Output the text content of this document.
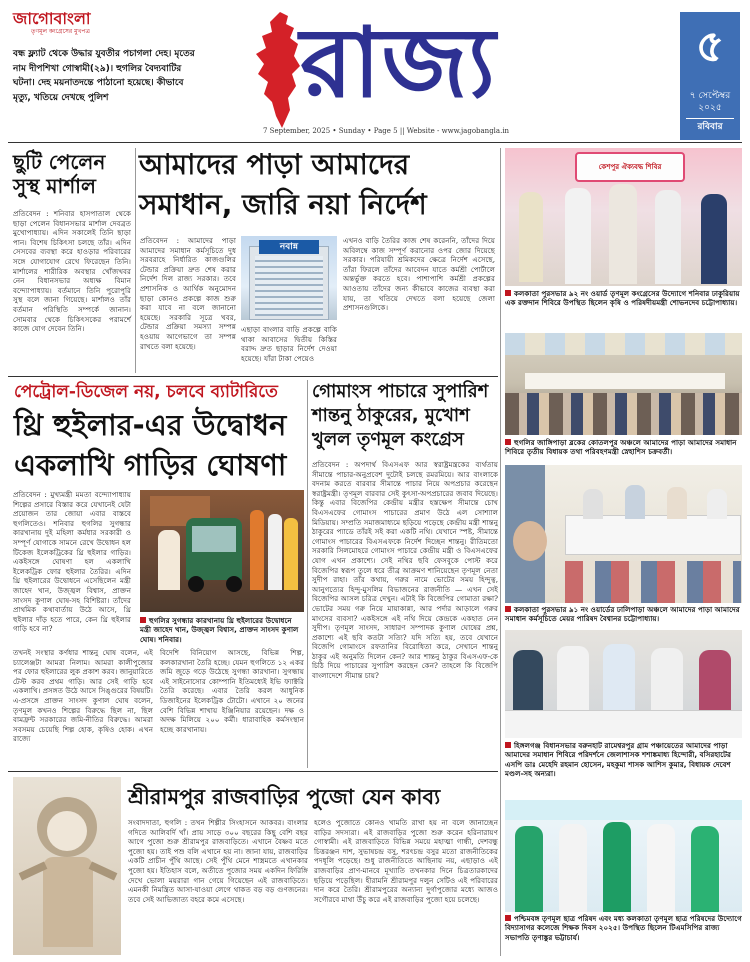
জাগোবাংলা
তৃণমূল কংগ্রেসের মুখপত্র
বন্ধ ফ্ল্যাট থেকে উদ্ধার যুবতীর পচাগলা দেহ। মৃতের নাম দীপশিখা গোস্বামী(২৯)। হুগলির বৈদ্যবাটির ঘটনা। দেহ ময়নাতদন্তে পাঠানো হয়েছে। কীভাবে মৃত্যু, খতিয়ে দেখছে পুলিশ	রাজ্য
7 September, 2025 • Sunday • Page 5 || Website - www.jagobangla.in
৫
৭ সেপ্টেম্বর
২০২৫
রবিবার
ছুটি পেলেন সুস্থ মার্শাল
প্রতিবেদন : শনিবার হাসপাতাল থেকে ছাড়া পেলেন বিধানসভার মার্শাল দেবব্রত মুখোপাধ্যায়। এদিন সকালেই তিনি ছাড়া পান। বিশেষ চিকিৎসা চলছে তাঁর। এদিন সেসবের ব্যবস্থা করে হাওড়ার পরিবারের সঙ্গে যোগাযোগ রেখে ফিরেছেন তিনি। মার্শালের শারীরিক অবস্থার খোঁজখবর নেন বিধানসভার অধ্যক্ষ বিমান বন্দ্যোপাধ্যায়। বর্তমানে তিনি পুরোপুরি সুস্থ বলে জানা গিয়েছে। মার্শালও তাঁর বর্তমান পরিস্থিতি সম্পর্কে জানান। সোমবার থেকে চিকিৎসকের পরামর্শে কাজে যোগ দেবেন তিনি।
আমাদের পাড়া আমাদের
সমাধান, জারি নয়া নির্দেশ
প্রতিবেদন : আমাদের পাড়া আমাদের সমাধান কর্মসূচিতে দুধ সরবরাহে নির্ধারিত কাজগুলির টেন্ডার প্রক্রিয়া দ্রুত শেষ করার নির্দেশ দিল রাজ্য সরকার। তবে প্রশাসনিক ও আর্থিক অনুমোদন ছাড়া কোনও প্রকল্পে কাজ শুরু করা যাবে না বলে জানানো হয়েছে। সরকারি সূত্রে খবর, টেন্ডার প্রক্রিয়া সমস্যা সম্পন্ন হওয়ায় আগেভাগে তা সম্পন্ন রাখতে বলা হয়েছে।
নবান্ন
এছাড়া বাংলার বাড়ি প্রকল্পে বাকি থাকা আবাসের দ্বিতীয় কিস্তির বরাদ্দ দ্রুত ছাড়ার নির্দেশ দেওয়া হয়েছে। যাঁরা টাকা পেয়েও
এখনও বাড়ি তৈরির কাজ শেষ করেননি, তাঁদের দিয়ে অবিলম্বে কাজ সম্পূর্ণ করানোর ওপর জোর দিয়েছে সরকার। পরিযায়ী শ্রমিকদের ক্ষেত্রে নির্দেশ এসেছে, তাঁরা ফিরলে তাঁদের আবেদন যাতে কর্মশ্রী পোর্টালে অন্তর্ভুক্ত করতে হবে। পাশাপাশি কর্মশ্রী প্রকল্পের আওতায় তাঁদের জন্য কীভাবে কাজের ব্যবস্থা করা যায়, তা খতিয়ে দেখতে বলা হয়েছে জেলা প্রশাসনগুলিকে।
পেট্রোল-ডিজেল নয়, চলবে ব্যাটারিতে
থ্রি হুইলার-এর উদ্বোধন
একলাখি গাড়ির ঘোষণা
প্রতিবেদন : মুখ্যমন্ত্রী মমতা বন্দ্যোপাধ্যায় শিল্পের প্রসারে বিস্তার করে যেখানেই যেটা প্রয়োজন তার জোয়া এবার বাস্তবে হুগলিতেও। শনিবার হুগলির সুগন্ধার কারখানায় দুই মহিলা কর্মধার সরকারী ও সম্পূর্ণ যোগাকে সামনে রেখে উদ্বোধন হল টিকেজ ইলেকট্রিকের থ্রি হুইলার গাড়ির। একইসঙ্গে ঘোষণা হল একলাখি ইলেকট্রিক ফোর হুইলার তৈরির। এদিন থ্রি হুইলারের উদ্বোধনে এসেছিলেন মন্ত্রী জাহেদ খান, উজ্জ্বল বিশ্বাস, প্রাক্তন সাংসদ কুণাল ঘোষ-সহ বিশিষ্টরা। তাঁদের প্রাথমিক কথাবার্তায় উঠে আসে, থ্রি হুইলার দাঁড় হতে পারে, কেন থ্রি হুইলার গাড়ি হবে না?
হুগলির সুগন্ধার কারখানায় থ্রি হুইলারের উদ্বোধনে মন্ত্রী জাহেদ খান, উজ্জ্বল বিশ্বাস, প্রাক্তন সাংসদ কুণাল ঘোষ। শনিবার।
তখনই সংস্থার কর্ণধার শান্তনু ঘোষ বলেন, এই চ্যালেঞ্জটা আমরা নিলাম। আমরা কালীপুজোর পর ফোর হুইলারের লুক প্রকাশ করব। জানুয়ারিতে টেস্ট করব প্রথম গাড়ি। আর সেই গাড়ি হবে একলাখি। প্রসঙ্গত উঠে আসে সিঙ্গুরের বিষয়টি। এ-প্রসঙ্গে প্রাক্তন সাংসদ কুণাল ঘোষ বলেন, তৃণমূল কখনও শিল্পের বিরুদ্ধে ছিল না, ছিল বামফ্রন্ট সরকারের জমি-নীতির বিরুদ্ধে। আমরা সবসময় চেয়েছি শিল্প হোক, কৃষিও হোক। এখন রাজ্যে
বিদেশি বিনিয়োগ আসছে, বিভিন্ন শিল্প, কলকারখানা তৈরি হচ্ছে। যেমন হুগলিতে ১২ একর জমি জুড়ে গড়ে উঠেছে সুগন্ধা কারখানা। সুগন্ধায় এই সাইনোসোর কোম্পানি ইতিমধ্যেই ইভি ফ্যাক্টরি তৈরি করেছে। এবার তৈরি করল আধুনিক ডিজাইনের ইলেকট্রিক টোটো। এখানে ২০ জনের বেশি বিভিন্ন শাখায় ইঞ্জিনিয়ার রয়েছেন। দক্ষ ও অদক্ষ মিলিয়ে ২০০ কর্মী। ধারাবাহিক কর্মসংস্থান হচ্ছে কারখানায়।
গোমাংস পাচারে সুপারিশ
শান্তনু ঠাকুরের, মুখোশ
খুলল তৃণমূল কংগ্রেস
প্রতিবেদন : অপদার্থ বিএসএফ আর স্বরাষ্ট্রমন্ত্রকের ব্যর্থতায় সীমান্তে পাচার-অনুপ্রবেশ দুটোই চলছে রমরমিয়ে। আর বাংলাকে বদনাম করতে বারবার সীমান্তে পাচার নিয়ে অপপ্রচার করেছেন স্বরাষ্ট্রমন্ত্রী। তৃণমূল বারবার সেই কুৎসা-অপপ্রচারের জবাব দিয়েছে। কিন্তু এবার বিজেপির কেন্দ্রীয় মন্ত্রীর হস্তক্ষেপ সীমান্তে চোখ বিএসএফের গোমাংস পাচারের প্রমাণ উঠে এল সোশ্যাল মিডিয়ায়। সম্প্রতি সমাজমাধ্যমে ছড়িয়ে পড়েছে কেন্দ্রীয় মন্ত্রী শান্তনু ঠাকুরের প্যাডে তাঁরই সই করা একটি নথি। যেখানে স্পষ্ট, সীমান্তে গোমাংস পাচারের বিএসএফকে নির্দেশ দিচ্ছেন শান্তনু। রীতিমতো সরকারি সিলমোহরে গোমাংস পাচারে কেন্দ্রীয় মন্ত্রী ও বিএসএফের যোগ এখন প্রকাশ্যে। সেই নথির ছবি ফেসবুকে পোস্ট করে বিজেপির স্বরূপ তুলে ধরে তীব্র আক্রমণ শানিয়েছেন তৃণমূল নেতা সুদীপ রাহা। তাঁর কথায়, গরুর নামে ভোটের সময় হিন্দুত্ব, আনুগত্যের হিন্দু-মুসলিম বিভাজনের রাজনীতি — এখন সেই বিজেপির আসল চরিত্র দেখুন। এটাই কি বিজেপির গোমাতা রক্ষা? ভোটের সময় গরু নিয়ে মায়াকান্না, আর পর্দার আড়ালে গরুর মাংসের ব্যবসা? একইসঙ্গে এই নথি দিয়ে কেন্দ্রকে একহাত নেন সুদীপ। তৃণমূল সাংসদ, সাধারণ সম্পাদক কুণাল ঘোষের প্রশ্ন, প্রকাশ্যে এই ছবি কতটা সত্যি? যদি সত্যি হয়, তবে যেখানে বিজেপি গোমাংসে রফতানির বিরোধিতা করে, সেখানে শান্তনু ঠাকুর এই অনুমতি দিলেন কেন? আর শান্তনু ঠাকুর বিএসএফ-কে চিঠি দিয়ে পাচারের সুপারিশ করছেন কেন? তাহলে কি বিজেপি বাংলাদেশে সীমান্ত চায়?
শ্রীরামপুর রাজবাড়ির পুজো যেন কাব্য
সংবাদদাতা, হুগলি : তখন শিল্পীর সিংহাসনে আকবর। বাংলার গদিতে আলিবর্দি খাঁ। প্রায় সাড়ে ৩০০ বছরের কিছু বেশি বছর আগে পুজো শুরু শ্রীরামপুর রাজবাড়িতে। এখানে বৈষ্ণব মতে পুজো হয়। তাই পশু বলি এখানে হয় না। জানা যায়, রাজবাড়ির একটি প্রাচীন পুঁথি আছে। সেই পুঁথি মেনে শাস্ত্রমতে এখানকার পুজো হয়। ইতিহাস বলে, অতীতে পুজোর সময় একদিন ফিরিঙ্গি দেখে ভোলা ময়রারা গান গেয়ে গিয়েছেন এই রাজবাড়িতে। এমনকী নিমন্ত্রিত আসা-যাওয়া লেগে থাকত বড় বড় গুণজনের। তবে সেই আভিজাত্য বহরে কমে এসেছে।
হলেও পুজোতে কোনও খামতি রাখা হয় না বলে জানাচ্ছেন বাড়ির সদস্যরা। এই রাজবাড়ির পুজো শুরু করেন হরিনারায়ণ গোস্বামী। এই রাজবাড়িতে বিভিন্ন সময়ে মহাত্মা গান্ধী, দেশবন্ধু চিত্তরঞ্জন দাশ, সুভাষচন্দ্র বসু, শরৎচন্দ্র বসুর মতো রাজনীতিকের পদধূলি পড়েছে। শুধু রাজনীতিতে আছিনায় নয়, এছাড়াও এই রাজবাড়ির প্রাণ-মানবে মূখ্যাতি তখনকার দিনে চিত্রতারকাদের ছড়িয়ে পড়েছিল। হীরামনি শ্রীরামপুর দলুন সেটিও এই পরিবারের দান করে তৈরি। শ্রীরামপুরের অন্যান্য দুর্গাপুজোর মধ্যে আজও সগৌরবে মাথা উঁচু করে এই রাজবাড়ির পুজো হয়ে চলেছে।
কেশপুর ঐক্যবদ্ধ শিবির
কলকাতা পুরসভার ৯২ নং ওয়ার্ড তৃণমূল কংগ্রেসের উদ্যোগে শনিবার ঢাকুরিয়ায় এক রক্তদান শিবিরে উপস্থিত ছিলেন কৃষি ও পরিষদীয়মন্ত্রী শোভনদেব চট্টোপাধ্যায়।
হুগলির জাঙ্গিপাড়া ব্লকের কোতলপুর অঞ্চলে আমাদের পাড়া আমাদের সমাধান শিবিরে তৃতীয় বিধায়ক তথা পরিবহণমন্ত্রী স্নেহাশিস চক্রবর্তী।
কলকাতা পুরসভার ৯১ নং ওয়ার্ডের ঢালিপাড়া অঞ্চলে আমাদের পাড়া আমাদের সমাধান কর্মসূচিতে মেয়র পারিষদ বৈশ্বানর চট্টোপাধ্যায়।
হিঙ্গলগঞ্জ বিধানসভার বরুনহাট রামেশ্বরপুর গ্রাম পঞ্চায়েতের আমাদের পাড়া আমাদের সমাধান শিবিরে পরিদর্শনে জেলাশাসক শশাঙ্কমাধ্য হিন্দোরী, বসিরহাটের এসপি ডাঃ মেহেদি রহমান হোসেন, মহকুমা শাসক আশিস কুমার, বিধায়ক দেবেশ মণ্ডল-সহ অন্যরা।
পশ্চিমবঙ্গ তৃণমূল ছাত্র পরিষদ এবং মধ্য কলকাতা তৃণমূল ছাত্র পরিষদের উদ্যোগে বিদ্যাসাগর কলেজে শিক্ষক দিবস ২০২৫। উপস্থিত ছিলেন টিএমসিপির রাজ্য সভাপতি তৃণাঙ্কুর ভট্টাচার্য।
